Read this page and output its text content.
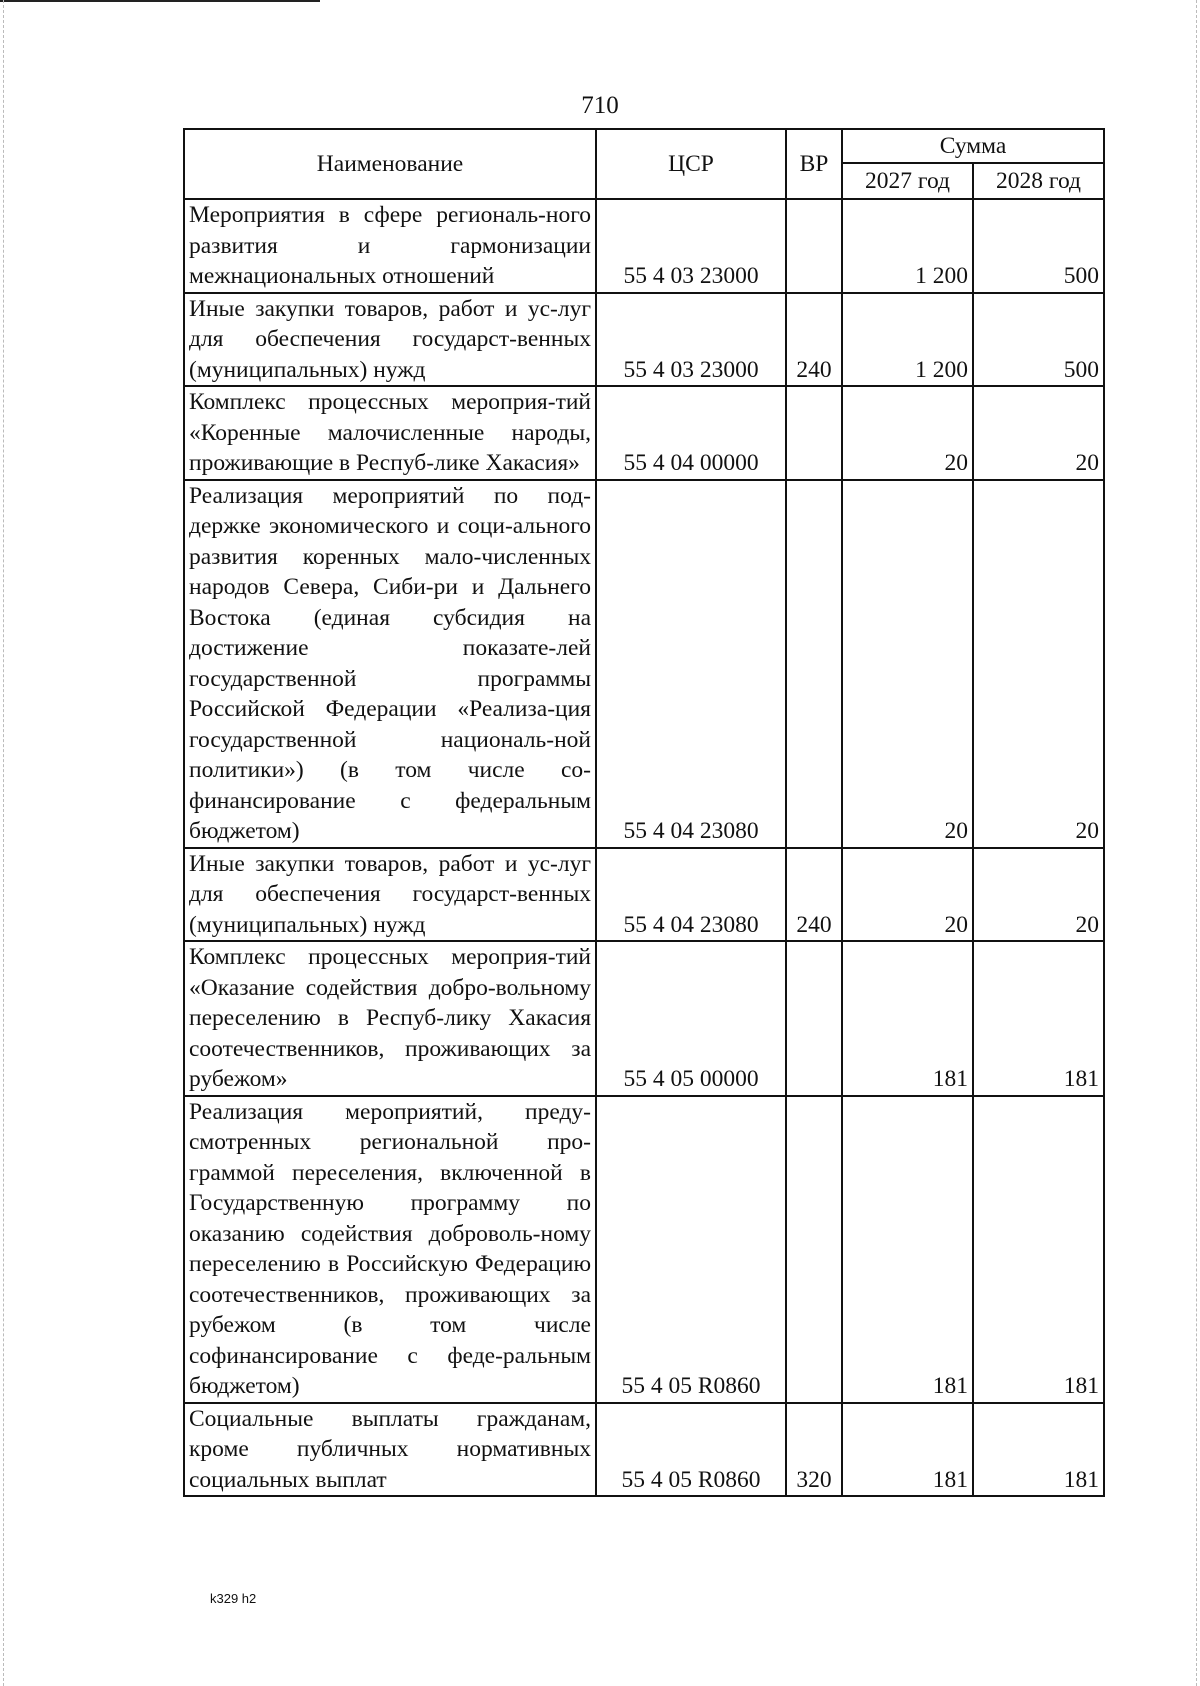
710
Наименование	ЦСР	ВР	Сумма	
			2027 год	2028 год
Мероприятия в сфере региональ-ного развития и гармонизации межнациональных отношений	55 4 03 23000		1 200	500
Иные закупки товаров, работ и ус-луг для обеспечения государст-венных (муниципальных) нужд	55 4 03 23000	240	1 200	500
Комплекс процессных мероприя-тий «Коренные малочисленные народы, проживающие в Респуб-лике Хакасия»	55 4 04 00000		20	20
Реализация мероприятий по под-держке экономического и соци-ального развития коренных мало-численных народов Севера, Сиби-ри и Дальнего Востока (единая субсидия на достижение показате-лей государственной программы Российской Федерации «Реализа-ция государственной националь-ной политики») (в том числе со-финансирование с федеральным бюджетом)	55 4 04 23080		20	20
Иные закупки товаров, работ и ус-луг для обеспечения государст-венных (муниципальных) нужд	55 4 04 23080	240	20	20
Комплекс процессных мероприя-тий «Оказание содействия добро-вольному переселению в Респуб-лику Хакасия соотечественников, проживающих за рубежом»	55 4 05 00000		181	181
Реализация мероприятий, преду-смотренных региональной про-граммой переселения, включенной в Государственную программу по оказанию содействия доброволь-ному переселению в Российскую Федерацию соотечественников, проживающих за рубежом (в том числе софинансирование с феде-ральным бюджетом)	55 4 05 R0860		181	181
Социальные выплаты гражданам, кроме публичных нормативных социальных выплат	55 4 05 R0860	320	181	181
k329 h2
